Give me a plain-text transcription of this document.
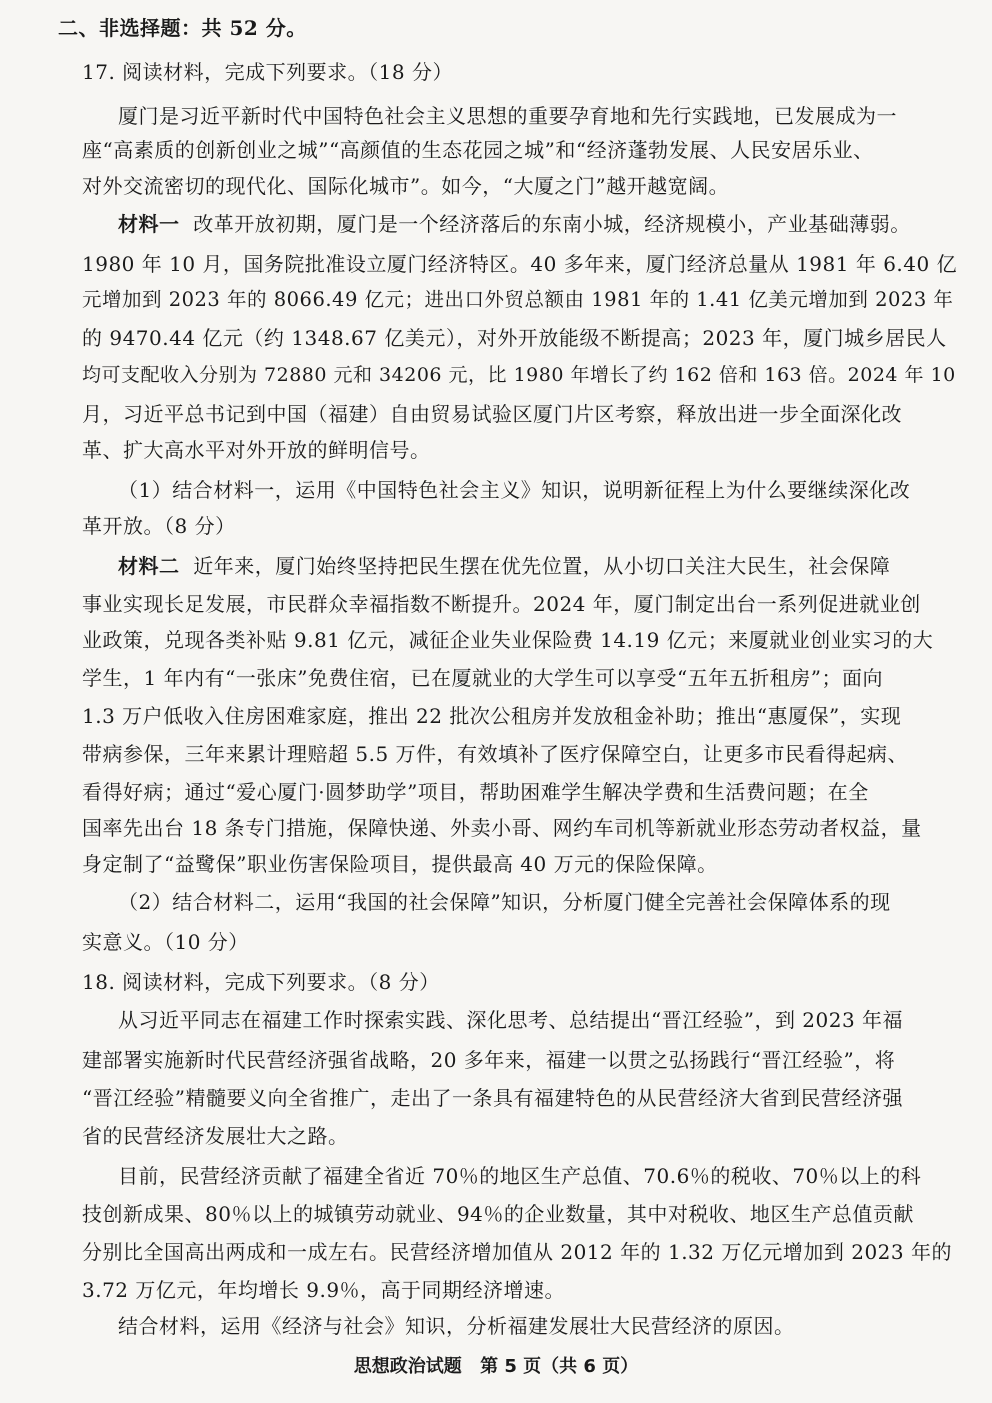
二、非选择题：共 52 分。
17. 阅读材料，完成下列要求。（18 分）
厦门是习近平新时代中国特色社会主义思想的重要孕育地和先行实践地，已发展成为一
座“高素质的创新创业之城”“高颜值的生态花园之城”和“经济蓬勃发展、人民安居乐业、
对外交流密切的现代化、国际化城市”。如今，“大厦之门”越开越宽阔。
材料一 改革开放初期，厦门是一个经济落后的东南小城，经济规模小，产业基础薄弱。
1980 年 10 月，国务院批准设立厦门经济特区。40 多年来，厦门经济总量从 1981 年 6.40 亿
元增加到 2023 年的 8066.49 亿元；进出口外贸总额由 1981 年的 1.41 亿美元增加到 2023 年
的 9470.44 亿元（约 1348.67 亿美元），对外开放能级不断提高；2023 年，厦门城乡居民人
均可支配收入分别为 72880 元和 34206 元，比 1980 年增长了约 162 倍和 163 倍。2024 年 10
月，习近平总书记到中国（福建）自由贸易试验区厦门片区考察，释放出进一步全面深化改
革、扩大高水平对外开放的鲜明信号。
（1）结合材料一，运用《中国特色社会主义》知识，说明新征程上为什么要继续深化改
革开放。（8 分）
材料二 近年来，厦门始终坚持把民生摆在优先位置，从小切口关注大民生，社会保障
事业实现长足发展，市民群众幸福指数不断提升。2024 年，厦门制定出台一系列促进就业创
业政策，兑现各类补贴 9.81 亿元，减征企业失业保险费 14.19 亿元；来厦就业创业实习的大
学生，1 年内有“一张床”免费住宿，已在厦就业的大学生可以享受“五年五折租房”；面向
1.3 万户低收入住房困难家庭，推出 22 批次公租房并发放租金补助；推出“惠厦保”，实现
带病参保，三年来累计理赔超 5.5 万件，有效填补了医疗保障空白，让更多市民看得起病、
看得好病；通过“爱心厦门·圆梦助学”项目，帮助困难学生解决学费和生活费问题；在全
国率先出台 18 条专门措施，保障快递、外卖小哥、网约车司机等新就业形态劳动者权益，量
身定制了“益鹭保”职业伤害保险项目，提供最高 40 万元的保险保障。
（2）结合材料二，运用“我国的社会保障”知识，分析厦门健全完善社会保障体系的现
实意义。（10 分）
18. 阅读材料，完成下列要求。（8 分）
从习近平同志在福建工作时探索实践、深化思考、总结提出“晋江经验”，到 2023 年福
建部署实施新时代民营经济强省战略，20 多年来，福建一以贯之弘扬践行“晋江经验”，将
“晋江经验”精髓要义向全省推广，走出了一条具有福建特色的从民营经济大省到民营经济强
省的民营经济发展壮大之路。
目前，民营经济贡献了福建全省近 70％的地区生产总值、70.6％的税收、70％以上的科
技创新成果、80％以上的城镇劳动就业、94％的企业数量，其中对税收、地区生产总值贡献
分别比全国高出两成和一成左右。民营经济增加值从 2012 年的 1.32 万亿元增加到 2023 年的
3.72 万亿元，年均增长 9.9％，高于同期经济增速。
结合材料，运用《经济与社会》知识，分析福建发展壮大民营经济的原因。
思想政治试题 第 5 页（共 6 页）
